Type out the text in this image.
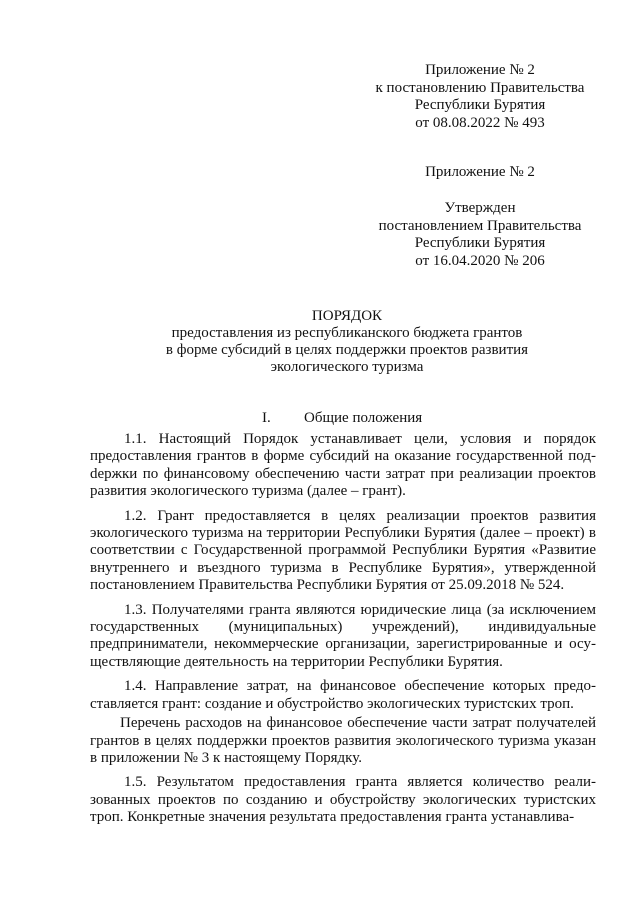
Приложение № 2
к постановлению Правительства
Республики Бурятия
от 08.08.2022 № 493
Приложение № 2
Утвержден
постановлением Правительства
Республики Бурятия
от 16.04.2020 № 206
ПОРЯДОК
предоставления из республиканского бюджета грантов
в форме субсидий в целях поддержки проектов развития
экологического туризма
I. Общие положения

1.1. Настоящий Порядок устанавливает цели, условия и порядок предоставления грантов в форме субсидий на оказание государственной подdержки по финансовому обеспечению части затрат при реализации проектов развития экологического туризма (далее – грант).

1.2. Грант предоставляется в целях реализации проектов развития экологического туризма на территории Республики Бурятия (далее – проект) в соответствии с Государственной программой Республики Бурятия «Развитие внутреннего и въездного туризма в Республике Бурятия», утвержденной постановлением Правительства Республики Бурятия от 25.09.2018 № 524.

1.3. Получателями гранта являются юридические лица (за исключением государственных (муниципальных) учреждений), индивидуальные предприниматели, некоммерческие организации, зарегистрированные и осуществляющие деятельность на территории Республики Бурятия.

1.4. Направление затрат, на финансовое обеспечение которых предоставляется грант: создание и обустройство экологических туристских троп.

Перечень расходов на финансовое обеспечение части затрат получателей грантов в целях поддержки проектов развития экологического туризма указан в приложении № 3 к настоящему Порядку.

1.5. Результатом предоставления гранта является количество реализованных проектов по созданию и обустройству экологических туристских троп. Конкретные значения результата предоставления гранта устанавлива-
